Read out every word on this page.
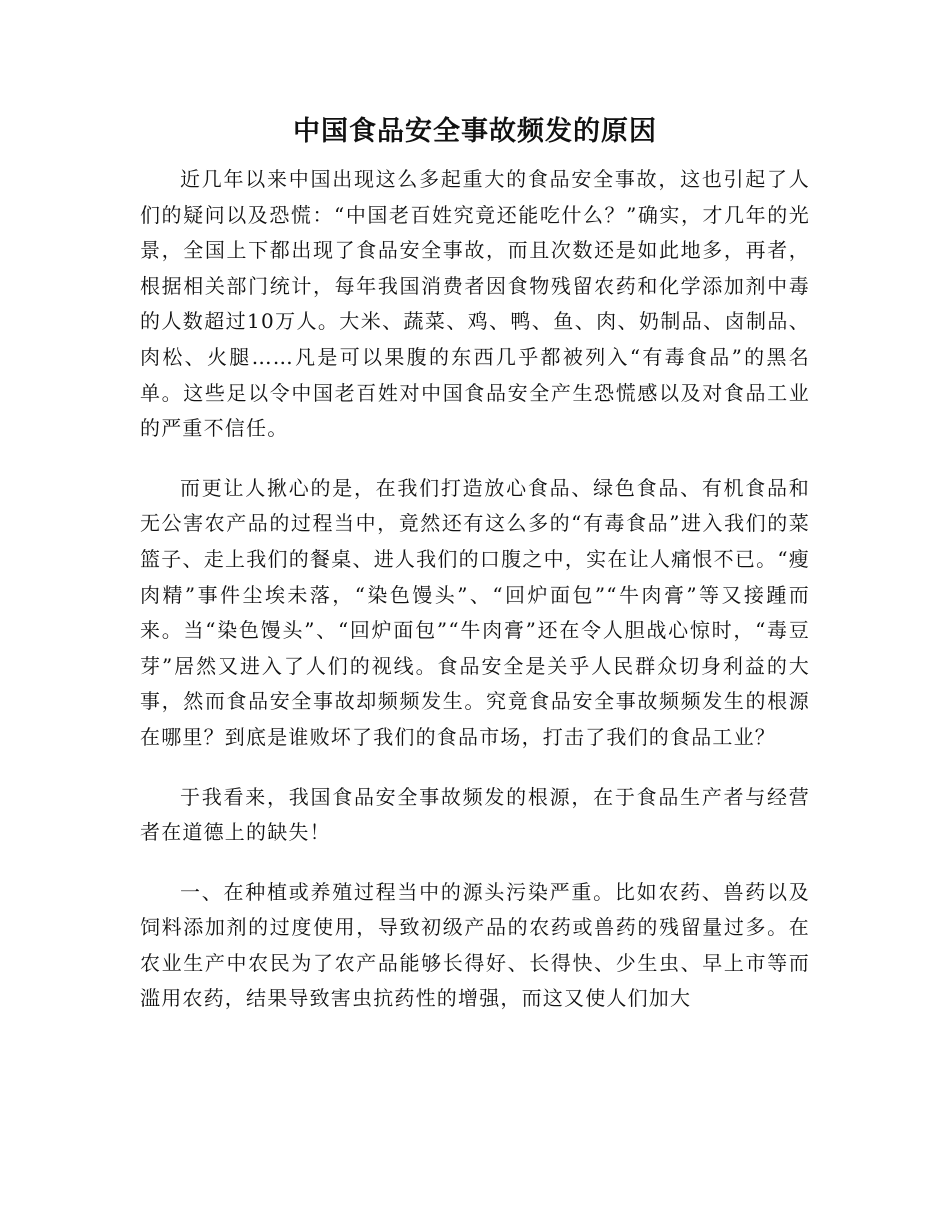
中国食品安全事故频发的原因

近几年以来中国出现这么多起重大的食品安全事故，这也引起了人们的疑问以及恐慌：“中国老百姓究竟还能吃什么？”确实，才几年的光景，全国上下都出现了食品安全事故，而且次数还是如此地多，再者，根据相关部门统计，每年我国消费者因食物残留农药和化学添加剂中毒的人数超过10万人。大米、蔬菜、鸡、鸭、鱼、肉、奶制品、卤制品、肉松、火腿……凡是可以果腹的东西几乎都被列入“有毒食品”的黑名单。这些足以令中国老百姓对中国食品安全产生恐慌感以及对食品工业的严重不信任。

而更让人揪心的是，在我们打造放心食品、绿色食品、有机食品和无公害农产品的过程当中，竟然还有这么多的“有毒食品”进入我们的菜篮子、走上我们的餐桌、进人我们的口腹之中，实在让人痛恨不已。“瘦肉精”事件尘埃未落，“染色馒头”、“回炉面包”“牛肉膏”等又接踵而来。当“染色馒头”、“回炉面包”“牛肉膏”还在令人胆战心惊时，“毒豆芽”居然又进入了人们的视线。食品安全是关乎人民群众切身利益的大事，然而食品安全事故却频频发生。究竟食品安全事故频频发生的根源在哪里？到底是谁败坏了我们的食品市场，打击了我们的食品工业？

于我看来，我国食品安全事故频发的根源，在于食品生产者与经营者在道德上的缺失！

一、在种植或养殖过程当中的源头污染严重。比如农药、兽药以及饲料添加剂的过度使用，导致初级产品的农药或兽药的残留量过多。在农业生产中农民为了农产品能够长得好、长得快、少生虫、早上市等而滥用农药，结果导致害虫抗药性的增强，而这又使人们加大
